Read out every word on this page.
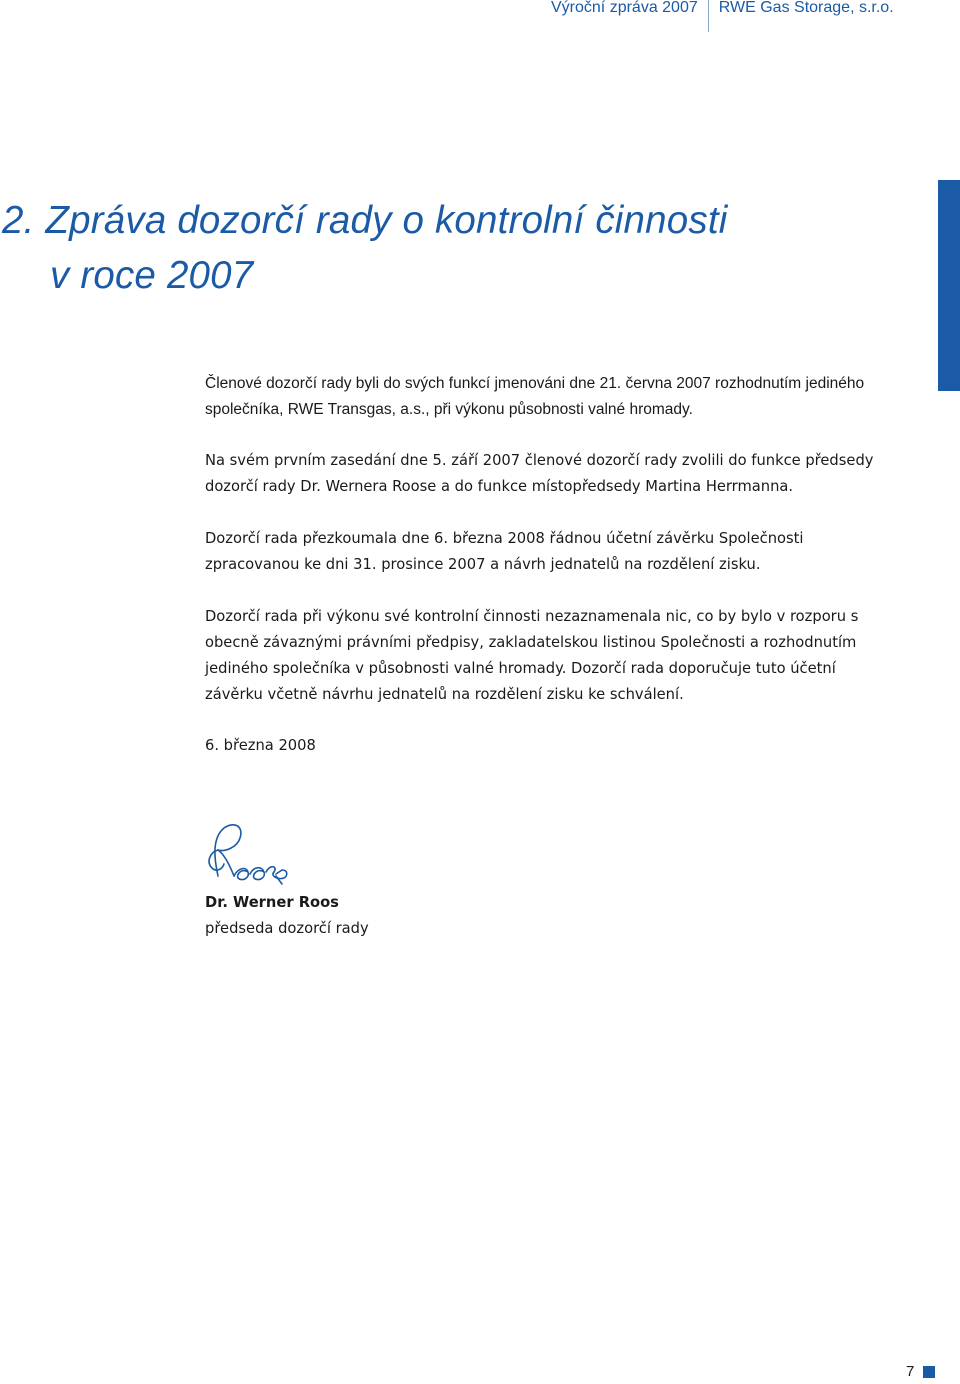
Výroční zpráva 2007 RWE Gas Storage, s.r.o.
2. Zpráva dozorčí rady o kontrolní činnosti
v roce 2007

Členové dozorčí rady byli do svých funkcí jmenováni dne 21. června 2007 rozhodnutím jediného společníka, RWE Transgas, a.s., při výkonu působnosti valné hromady.

Na svém prvním zasedání dne 5. září 2007 členové dozorčí rady zvolili do funkce předsedy dozorčí rady Dr. Wernera Roose a do funkce místopředsedy Martina Herrmanna.

Dozorčí rada přezkoumala dne 6. března 2008 řádnou účetní závěrku Společnosti zpracovanou ke dni 31. prosince 2007 a návrh jednatelů na rozdělení zisku.

Dozorčí rada při výkonu své kontrolní činnosti nezaznamenala nic, co by bylo v rozporu s obecně závaznými právními předpisy, zakladatelskou listinou Společnosti a rozhodnutím jediného společníka v působnosti valné hromady. Dozorčí rada doporučuje tuto účetní závěrku včetně návrhu jednatelů na rozdělení zisku ke schválení.

6. března 2008

Dr. Werner Roos

předseda dozorčí rady

7
